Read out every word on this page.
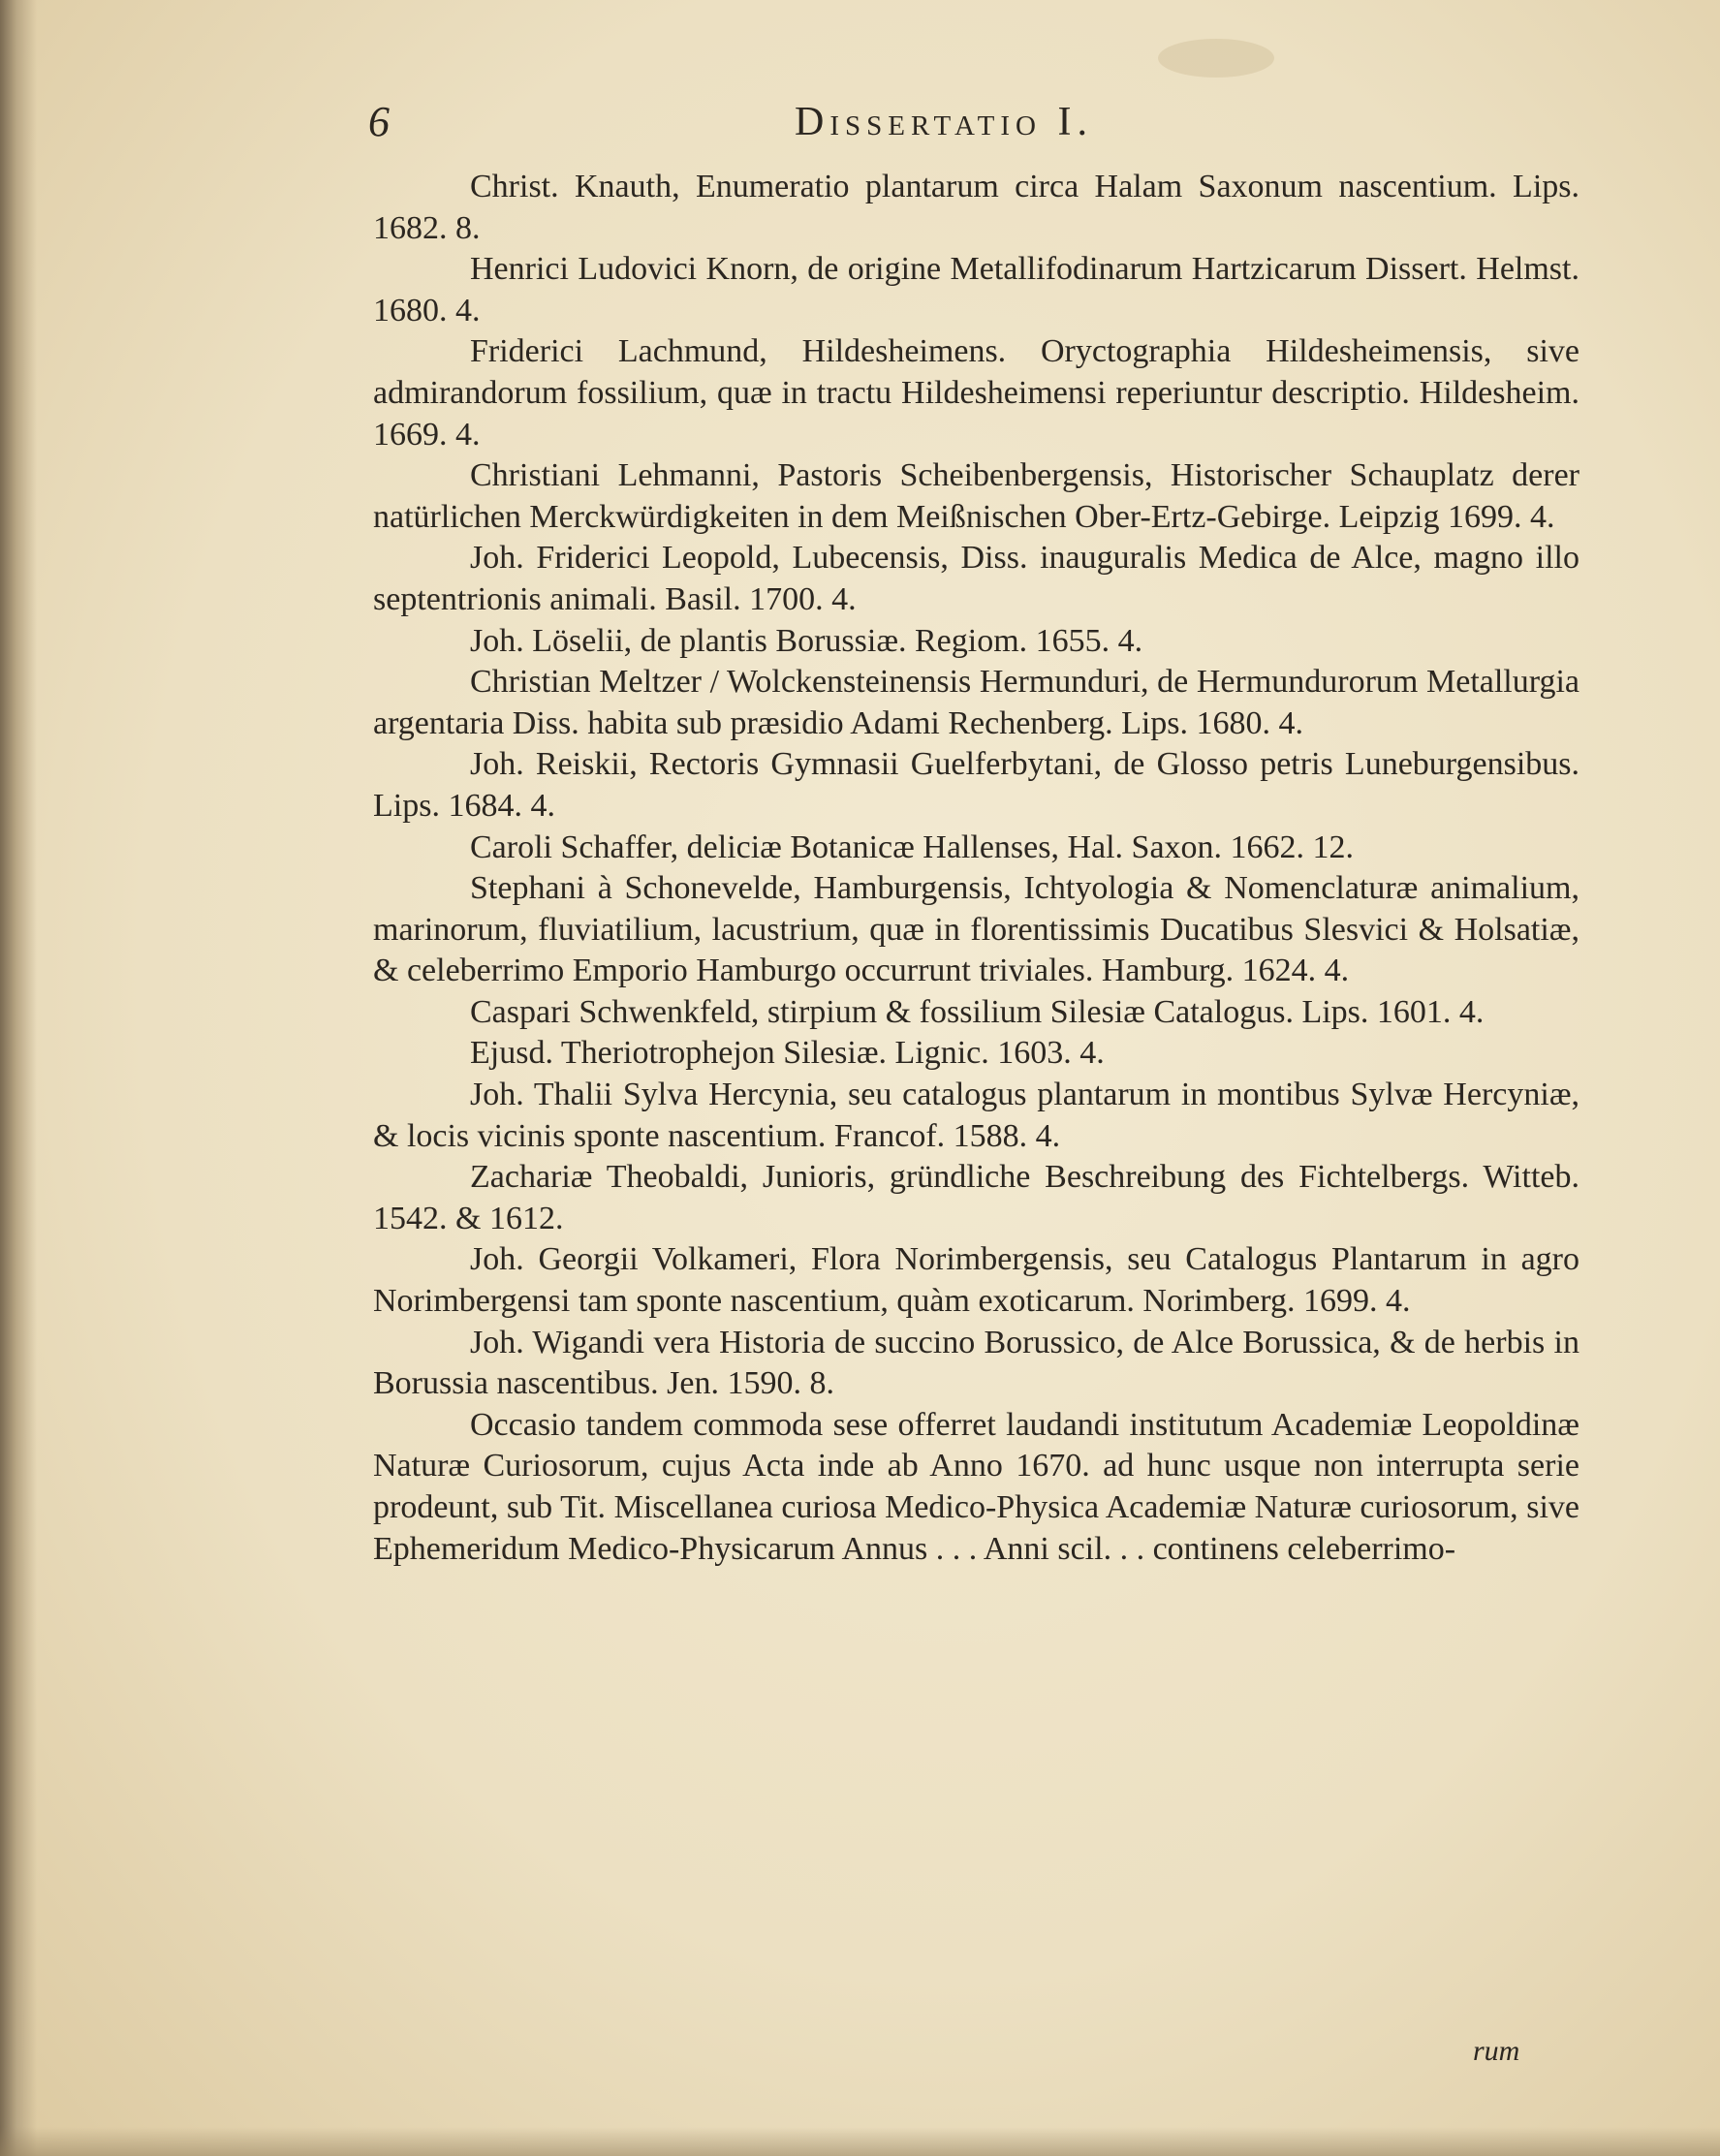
6	Dissertatio I.

Christ. Knauth, Enumeratio plantarum circa Halam Saxonum nascentium. Lips. 1682. 8.

Henrici Ludovici Knorn, de origine Metallifodinarum Hartzicarum Dissert. Helmst. 1680. 4.

Friderici Lachmund, Hildesheimens. Oryctographia Hildesheimensis, sive admirandorum fossilium, quæ in tractu Hildesheimensi reperiuntur descriptio. Hildesheim. 1669. 4.

Christiani Lehmanni, Pastoris Scheibenbergensis, Historischer Schauplatz derer natürlichen Merckwürdigkeiten in dem Meißnischen Ober-Ertz-Gebirge. Leipzig 1699. 4.

Joh. Friderici Leopold, Lubecensis, Diss. inauguralis Medica de Alce, magno illo septentrionis animali. Basil. 1700. 4.

Joh. Löselii, de plantis Borussiæ. Regiom. 1655. 4.

Christian Meltzer / Wolckensteinensis Hermunduri, de Hermundurorum Metallurgia argentaria Diss. habita sub præsidio Adami Rechenberg. Lips. 1680. 4.

Joh. Reiskii, Rectoris Gymnasii Guelferbytani, de Glosso petris Luneburgensibus. Lips. 1684. 4.

Caroli Schaffer, deliciæ Botanicæ Hallenses, Hal. Saxon. 1662. 12.

Stephani à Schonevelde, Hamburgensis, Ichtyologia & Nomenclaturæ animalium, marinorum, fluviatilium, lacustrium, quæ in florentissimis Ducatibus Slesvici & Holsatiæ, & celeberrimo Emporio Hamburgo occurrunt triviales. Hamburg. 1624. 4.

Caspari Schwenkfeld, stirpium & fossilium Silesiæ Catalogus. Lips. 1601. 4.

Ejusd. Theriotrophejon Silesiæ. Lignic. 1603. 4.

Joh. Thalii Sylva Hercynia, seu catalogus plantarum in montibus Sylvæ Hercyniæ, & locis vicinis sponte nascentium. Francof. 1588. 4.

Zachariæ Theobaldi, Junioris, gründliche Beschreibung des Fichtelbergs. Witteb. 1542. & 1612.

Joh. Georgii Volkameri, Flora Norimbergensis, seu Catalogus Plantarum in agro Norimbergensi tam sponte nascentium, quàm exoticarum. Norimberg. 1699. 4.

Joh. Wigandi vera Historia de succino Borussico, de Alce Borussica, & de herbis in Borussia nascentibus. Jen. 1590. 8.

Occasio tandem commoda sese offerret laudandi institutum Academiæ Leopoldinæ Naturæ Curiosorum, cujus Acta inde ab Anno 1670. ad hunc usque non interrupta serie prodeunt, sub Tit. Miscellanea curiosa Medico-Physica Academiæ Naturæ curiosorum, sive Ephemeridum Medico-Physicarum Annus . . . Anni scil. . . continens celeberrimo-

rum
